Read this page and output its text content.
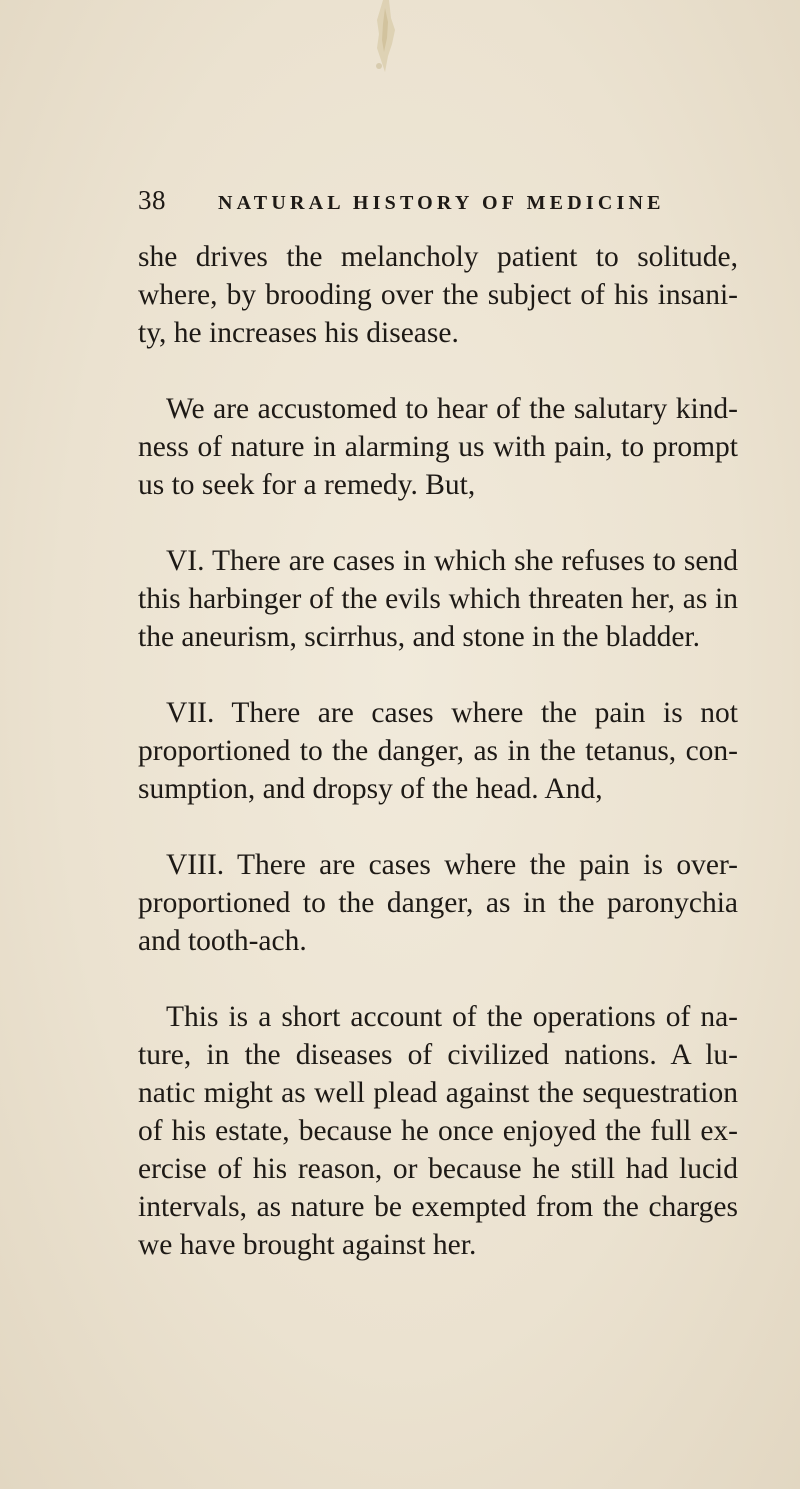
38	NATURAL HISTORY OF MEDICINE

she drives the melancholy patient to solitude, where, by brooding over the subject of his insani- ty, he increases his disease.

We are accustomed to hear of the salutary kind- ness of nature in alarming us with pain, to prompt us to seek for a remedy. But,

VI. There are cases in which she refuses to send this harbinger of the evils which threaten her, as in the aneurism, scirrhus, and stone in the bladder.

VII. There are cases where the pain is not proportioned to the danger, as in the tetanus, con- sumption, and dropsy of the head. And,

VIII. There are cases where the pain is over- proportioned to the danger, as in the paronychia and tooth-ach.

This is a short account of the operations of na- ture, in the diseases of civilized nations. A lu- natic might as well plead against the sequestration of his estate, because he once enjoyed the full ex- ercise of his reason, or because he still had lucid intervals, as nature be exempted from the charges we have brought against her.
